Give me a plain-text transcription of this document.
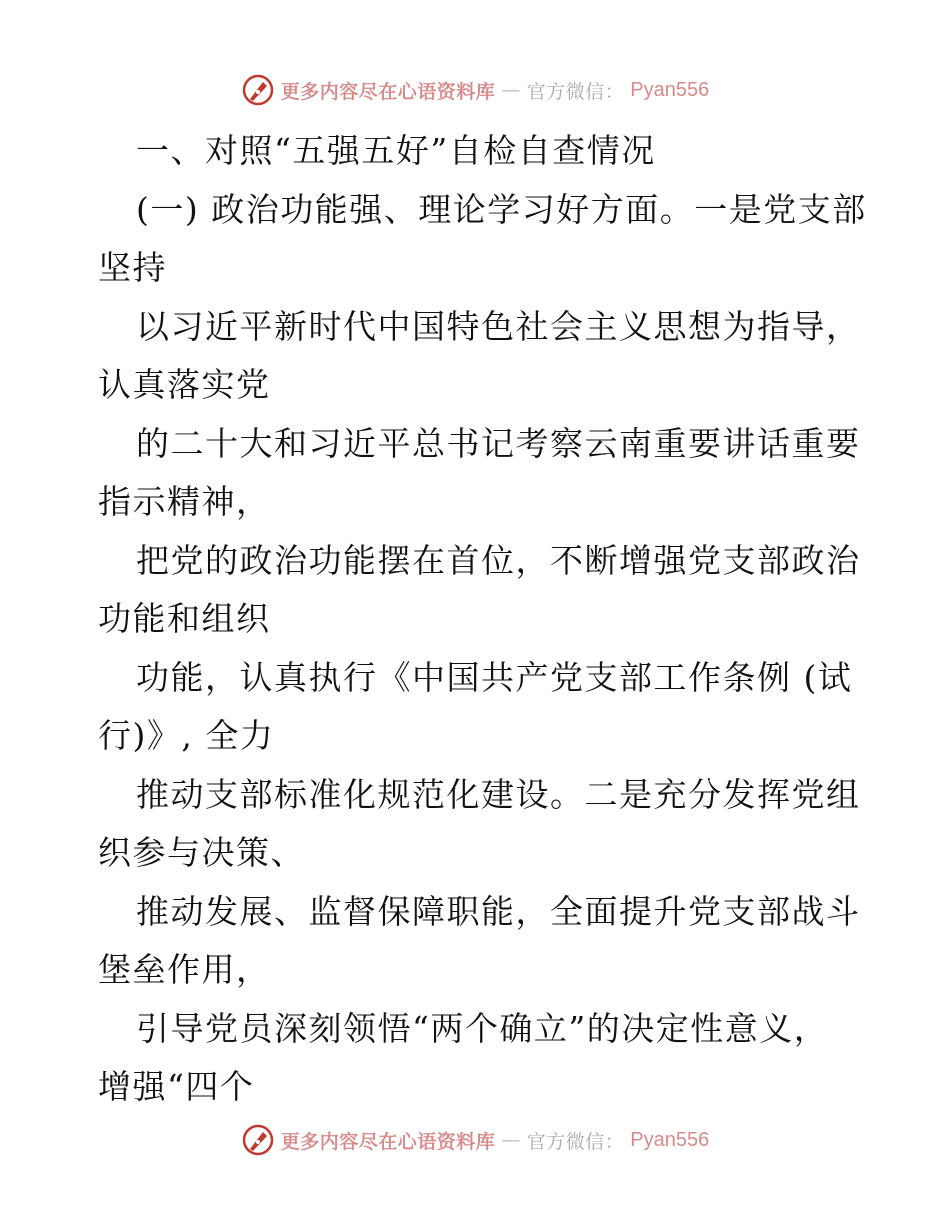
更多内容尽在心语资料库 — 官方微信： Pyan556
一、对照“五强五好”自检自查情况
(一) 政治功能强、理论学习好方面。一是党支部
坚持
以习近平新时代中国特色社会主义思想为指导，
认真落实党
的二十大和习近平总书记考察云南重要讲话重要
指示精神，
把党的政治功能摆在首位，不断增强党支部政治
功能和组织
功能，认真执行《中国共产党支部工作条例 (试
行)》, 全力
推动支部标准化规范化建设。二是充分发挥党组
织参与决策、
推动发展、监督保障职能，全面提升党支部战斗
堡垒作用，
引导党员深刻领悟“两个确立”的决定性意义，
增强“四个
更多内容尽在心语资料库 — 官方微信： Pyan556
